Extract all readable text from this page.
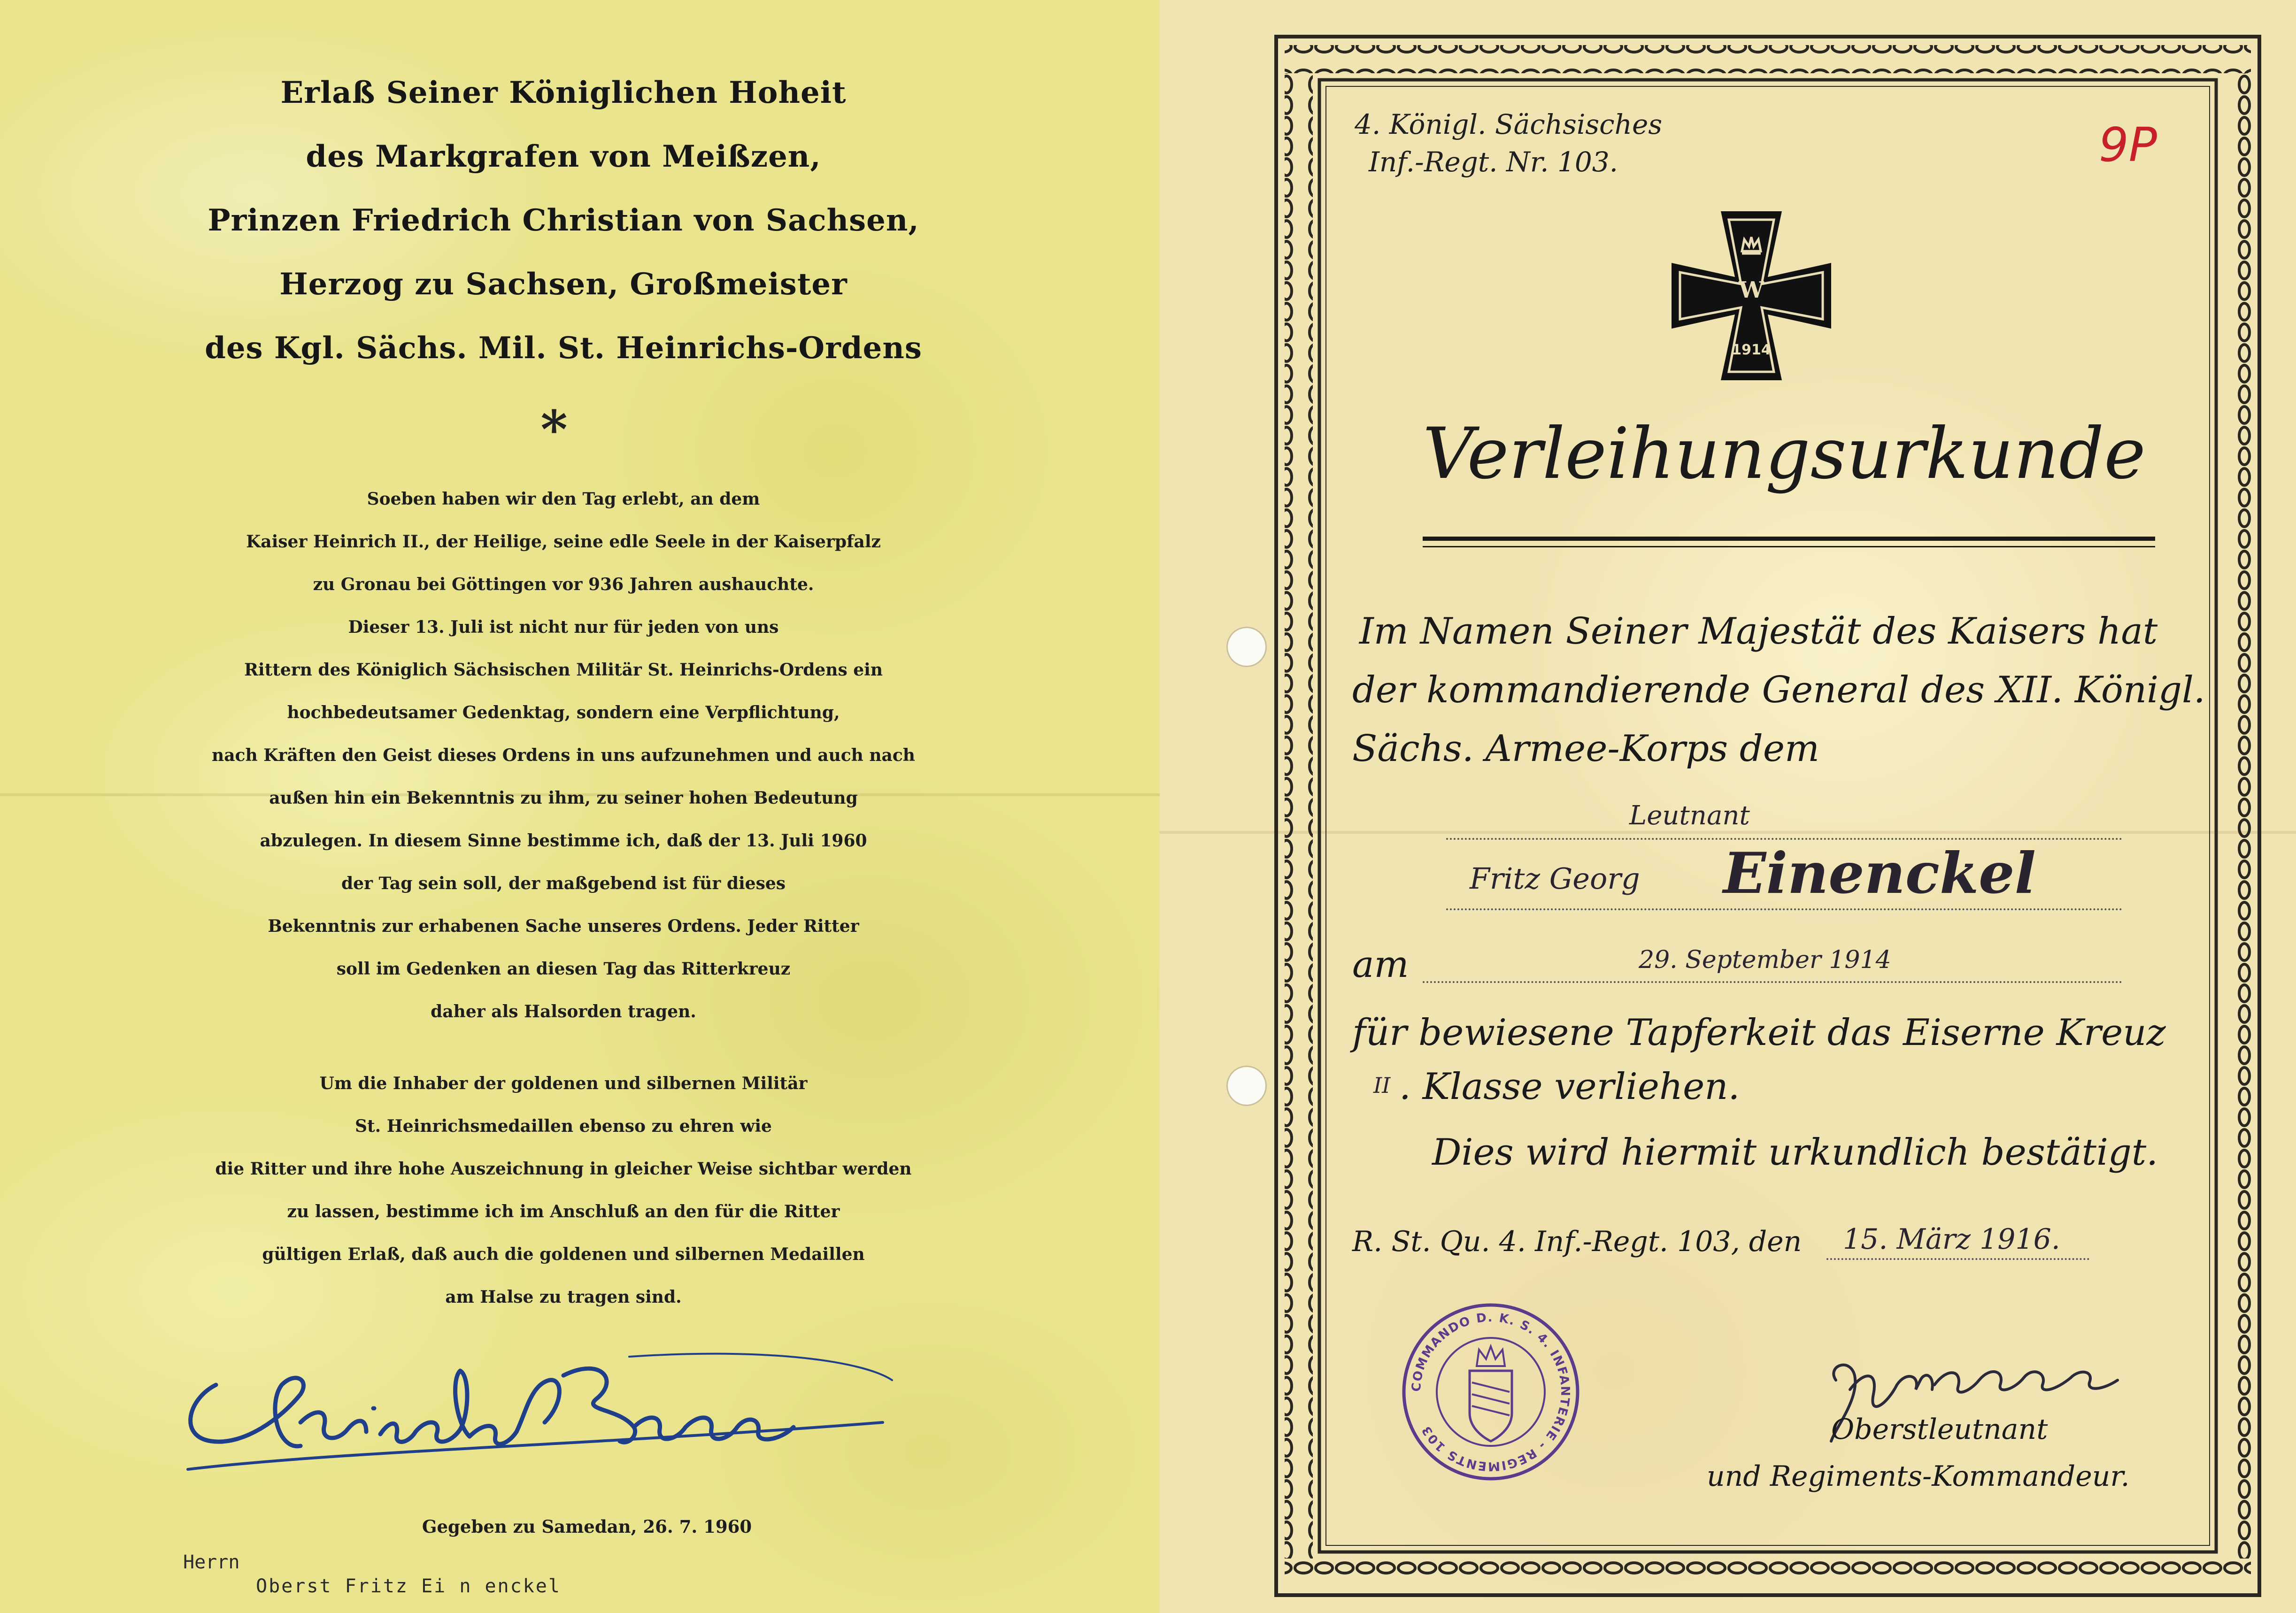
Erlaß Seiner Königlichen Hoheit
des Markgrafen von Meißzen,
Prinzen Friedrich Christian von Sachsen,
Herzog zu Sachsen, Großmeister
des Kgl. Sächs. Mil. St. Heinrichs-Ordens
*
Soeben haben wir den Tag erlebt, an dem
Kaiser Heinrich II., der Heilige, seine edle Seele in der Kaiserpfalz
zu Gronau bei Göttingen vor 936 Jahren aushauchte.
Dieser 13. Juli ist nicht nur für jeden von uns
Rittern des Königlich Sächsischen Militär St. Heinrichs-Ordens ein
hochbedeutsamer Gedenktag, sondern eine Verpflichtung,
nach Kräften den Geist dieses Ordens in uns aufzunehmen und auch nach
außen hin ein Bekenntnis zu ihm, zu seiner hohen Bedeutung
abzulegen. In diesem Sinne bestimme ich, daß der 13. Juli 1960
der Tag sein soll, der maßgebend ist für dieses
Bekenntnis zur erhabenen Sache unseres Ordens. Jeder Ritter
soll im Gedenken an diesen Tag das Ritterkreuz
daher als Halsorden tragen.
Um die Inhaber der goldenen und silbernen Militär
St. Heinrichsmedaillen ebenso zu ehren wie
die Ritter und ihre hohe Auszeichnung in gleicher Weise sichtbar werden
zu lassen, bestimme ich im Anschluß an den für die Ritter
gültigen Erlaß, daß auch die goldenen und silbernen Medaillen
am Halse zu tragen sind.
Gegeben zu Samedan, 26. 7. 1960
Herrn
Oberst Fritz Ei n enckel
4. Königl. Sächsisches
Inf.-Regt. Nr. 103.	9P
W
1914
Verleihungsurkunde
Im Namen Seiner Majestät des Kaisers hat
der kommandierende General des XII. Königl.
Sächs. Armee-Korps dem
Leutnant
Fritz Georg Einenckel
am	29. September 1914
für bewiesene Tapferkeit das Eiserne Kreuz
II . Klasse verliehen.
Dies wird hiermit urkundlich bestätigt.
R. St. Qu. 4. Inf.-Regt. 103, den 15. März 1916.
COMMANDO D. K. S. 4. INFANTERIE - REGIMENTS 103	Oberstleutnant
und Regiments-Kommandeur.
